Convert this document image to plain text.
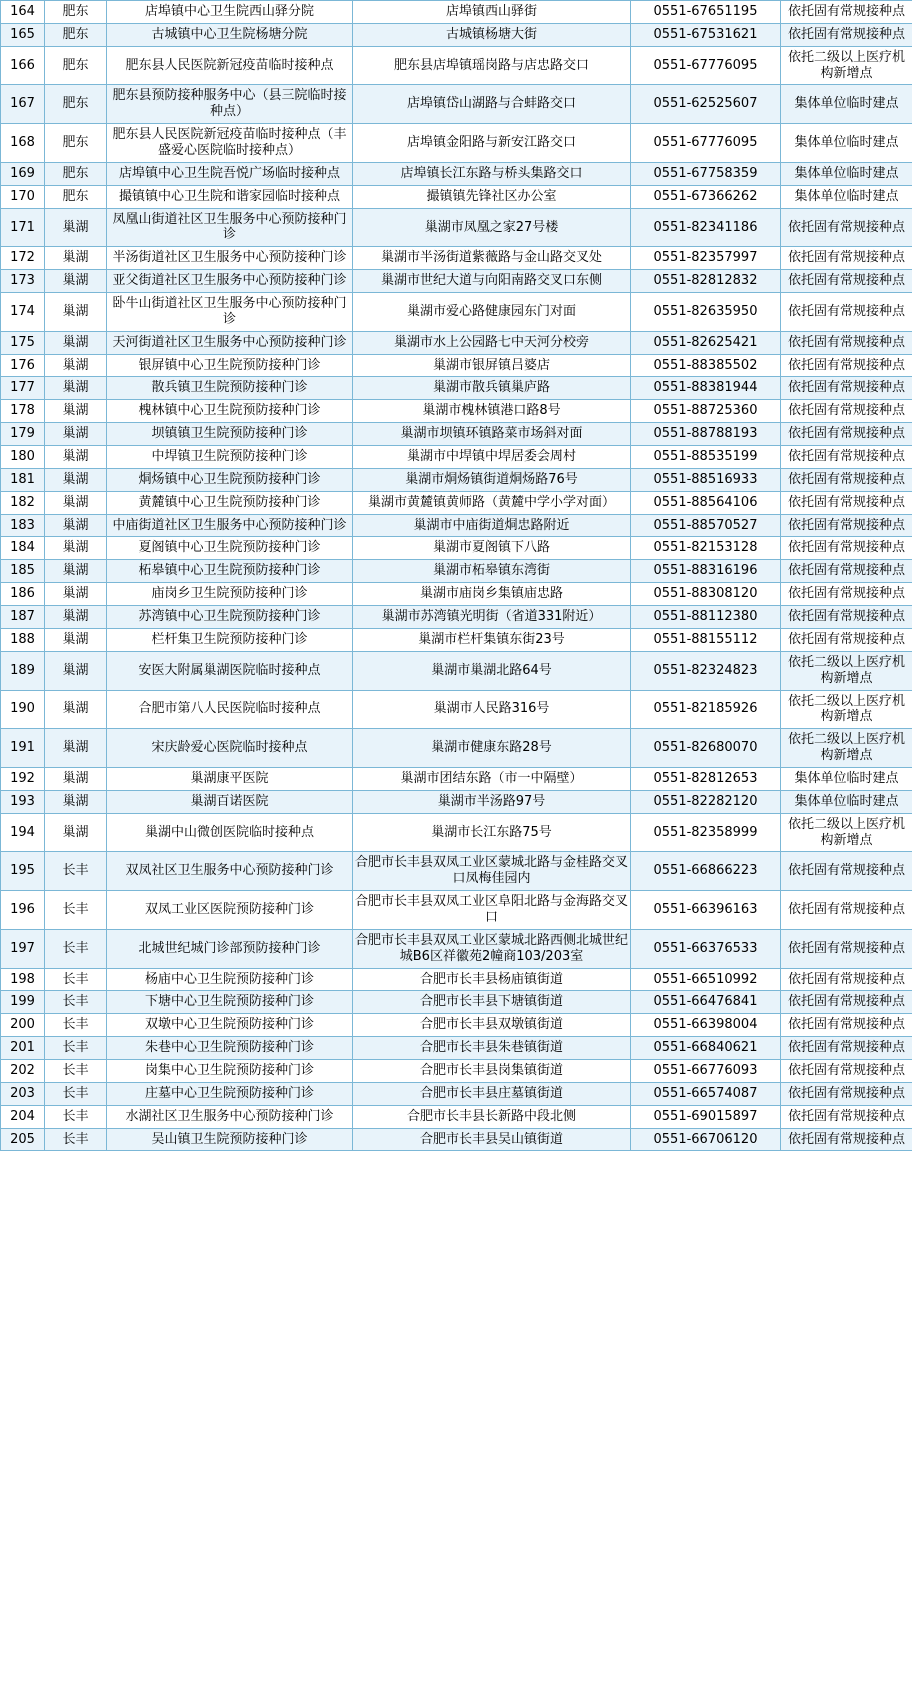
164	肥东	店埠镇中心卫生院西山驿分院	店埠镇西山驿街	0551-67651195	依托固有常规接种点
165	肥东	古城镇中心卫生院杨塘分院	古城镇杨塘大街	0551-67531621	依托固有常规接种点
166	肥东	肥东县人民医院新冠疫苗临时接种点	肥东县店埠镇瑶岗路与店忠路交口	0551-67776095	依托二级以上医疗机构新增点
167	肥东	肥东县预防接种服务中心（县三院临时接种点）	店埠镇岱山湖路与合蚌路交口	0551-62525607	集体单位临时建点
168	肥东	肥东县人民医院新冠疫苗临时接种点（丰盛爱心医院临时接种点）	店埠镇金阳路与新安江路交口	0551-67776095	集体单位临时建点
169	肥东	店埠镇中心卫生院吾悦广场临时接种点	店埠镇长江东路与桥头集路交口	0551-67758359	集体单位临时建点
170	肥东	撮镇镇中心卫生院和谐家园临时接种点	撮镇镇先锋社区办公室	0551-67366262	集体单位临时建点
171	巢湖	凤凰山街道社区卫生服务中心预防接种门诊	巢湖市凤凰之家27号楼	0551-82341186	依托固有常规接种点
172	巢湖	半汤街道社区卫生服务中心预防接种门诊	巢湖市半汤街道紫薇路与金山路交叉处	0551-82357997	依托固有常规接种点
173	巢湖	亚父街道社区卫生服务中心预防接种门诊	巢湖市世纪大道与向阳南路交叉口东侧	0551-82812832	依托固有常规接种点
174	巢湖	卧牛山街道社区卫生服务中心预防接种门诊	巢湖市爱心路健康园东门对面	0551-82635950	依托固有常规接种点
175	巢湖	天河街道社区卫生服务中心预防接种门诊	巢湖市水上公园路七中天河分校旁	0551-82625421	依托固有常规接种点
176	巢湖	银屏镇中心卫生院预防接种门诊	巢湖市银屏镇吕婆店	0551-88385502	依托固有常规接种点
177	巢湖	散兵镇卫生院预防接种门诊	巢湖市散兵镇巢庐路	0551-88381944	依托固有常规接种点
178	巢湖	槐林镇中心卫生院预防接种门诊	巢湖市槐林镇港口路8号	0551-88725360	依托固有常规接种点
179	巢湖	坝镇镇卫生院预防接种门诊	巢湖市坝镇环镇路菜市场斜对面	0551-88788193	依托固有常规接种点
180	巢湖	中垾镇卫生院预防接种门诊	巢湖市中垾镇中垾居委会周村	0551-88535199	依托固有常规接种点
181	巢湖	烔炀镇中心卫生院预防接种门诊	巢湖市烔炀镇街道烔炀路76号	0551-88516933	依托固有常规接种点
182	巢湖	黄麓镇中心卫生院预防接种门诊	巢湖市黄麓镇黄师路（黄麓中学小学对面）	0551-88564106	依托固有常规接种点
183	巢湖	中庙街道社区卫生服务中心预防接种门诊	巢湖市中庙街道烔忠路附近	0551-88570527	依托固有常规接种点
184	巢湖	夏阁镇中心卫生院预防接种门诊	巢湖市夏阁镇下八路	0551-82153128	依托固有常规接种点
185	巢湖	柘皋镇中心卫生院预防接种门诊	巢湖市柘皋镇东湾街	0551-88316196	依托固有常规接种点
186	巢湖	庙岗乡卫生院预防接种门诊	巢湖市庙岗乡集镇庙忠路	0551-88308120	依托固有常规接种点
187	巢湖	苏湾镇中心卫生院预防接种门诊	巢湖市苏湾镇光明街（省道331附近）	0551-88112380	依托固有常规接种点
188	巢湖	栏杆集卫生院预防接种门诊	巢湖市栏杆集镇东街23号	0551-88155112	依托固有常规接种点
189	巢湖	安医大附属巢湖医院临时接种点	巢湖市巢湖北路64号	0551-82324823	依托二级以上医疗机构新增点
190	巢湖	合肥市第八人民医院临时接种点	巢湖市人民路316号	0551-82185926	依托二级以上医疗机构新增点
191	巢湖	宋庆龄爱心医院临时接种点	巢湖市健康东路28号	0551-82680070	依托二级以上医疗机构新增点
192	巢湖	巢湖康平医院	巢湖市团结东路（市一中隔壁）	0551-82812653	集体单位临时建点
193	巢湖	巢湖百诺医院	巢湖市半汤路97号	0551-82282120	集体单位临时建点
194	巢湖	巢湖中山微创医院临时接种点	巢湖市长江东路75号	0551-82358999	依托二级以上医疗机构新增点
195	长丰	双凤社区卫生服务中心预防接种门诊	合肥市长丰县双凤工业区蒙城北路与金桂路交叉口凤梅佳园内	0551-66866223	依托固有常规接种点
196	长丰	双凤工业区医院预防接种门诊	合肥市长丰县双凤工业区阜阳北路与金海路交叉口	0551-66396163	依托固有常规接种点
197	长丰	北城世纪城门诊部预防接种门诊	合肥市长丰县双凤工业区蒙城北路西侧北城世纪城B6区祥徽苑2幢商103/203室	0551-66376533	依托固有常规接种点
198	长丰	杨庙中心卫生院预防接种门诊	合肥市长丰县杨庙镇街道	0551-66510992	依托固有常规接种点
199	长丰	下塘中心卫生院预防接种门诊	合肥市长丰县下塘镇街道	0551-66476841	依托固有常规接种点
200	长丰	双墩中心卫生院预防接种门诊	合肥市长丰县双墩镇街道	0551-66398004	依托固有常规接种点
201	长丰	朱巷中心卫生院预防接种门诊	合肥市长丰县朱巷镇街道	0551-66840621	依托固有常规接种点
202	长丰	岗集中心卫生院预防接种门诊	合肥市长丰县岗集镇街道	0551-66776093	依托固有常规接种点
203	长丰	庄墓中心卫生院预防接种门诊	合肥市长丰县庄墓镇街道	0551-66574087	依托固有常规接种点
204	长丰	水湖社区卫生服务中心预防接种门诊	合肥市长丰县长新路中段北侧	0551-69015897	依托固有常规接种点
205	长丰	吴山镇卫生院预防接种门诊	合肥市长丰县吴山镇街道	0551-66706120	依托固有常规接种点
